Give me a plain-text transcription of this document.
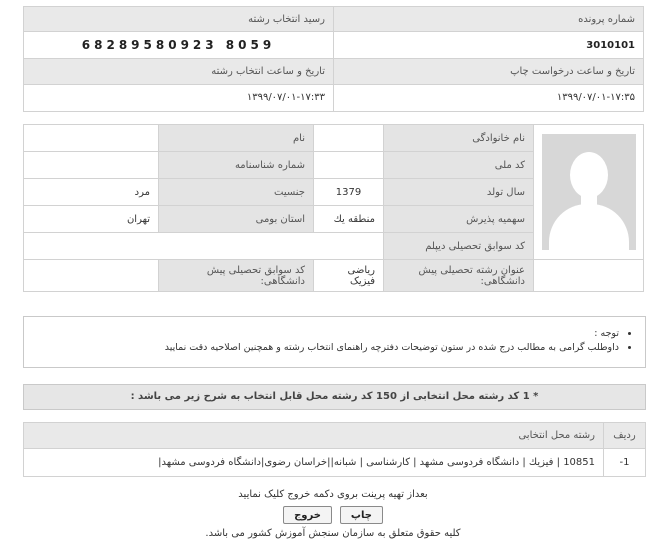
شماره پرونده	رسید انتخاب رشته
3010101	68289580923 8059
تاریخ و ساعت درخواست چاپ	تاریخ و ساعت انتخاب رشته
۱۳۹۹/۰۷/۰۱-۱۷:۳۵	۱۳۹۹/۰۷/۰۱-۱۷:۳۳
	نام خانوادگی		نام	
	کد ملی		شماره شناسنامه	
	سال تولد	1379	جنسیت	مرد
	سهمیه پذیرش	منطقه یك	استان بومی	تهران
	کد سوابق تحصیلی دیپلم			
	عنوان رشته تحصیلی پیش دانشگاهی:	ریاضی فیزیک	کد سوابق تحصیلی پیش دانشگاهی:	
• توجه :
• داوطلب گرامی به مطالب درج شده در ستون توضیحات دفترچه راهنمای انتخاب رشته و همچنین اصلاحیه دقت نمایید
* 1 کد رشته محل انتخابی از 150 کد رشته محل قابل انتخاب به شرح زیر می باشد :
ردیف	رشته محل انتخابی
-1	10851 | فیزیك | دانشگاه فردوسی مشهد | كارشناسی | شبانه||خراسان رضوی|دانشگاه فردوسی مشهد|
بعداز تهیه پرینت بروی دکمه خروج کلیک نمایید
چاپ
خروج
کلیه حقوق متعلق به سازمان سنجش آموزش کشور می باشد.
